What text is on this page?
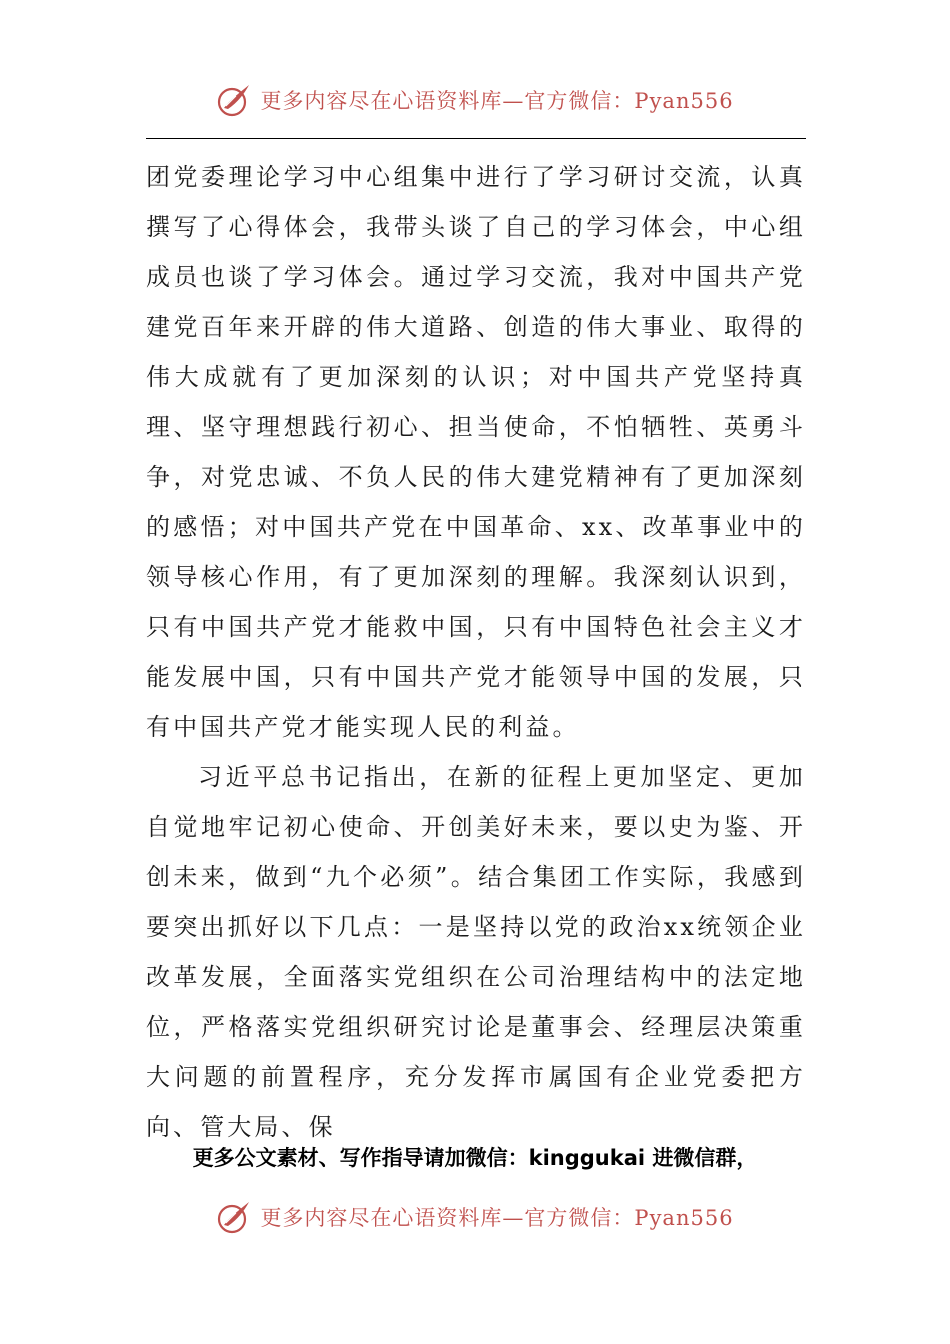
更多内容尽在心语资料库—官方微信：Pyan556

团党委理论学习中心组集中进行了学习研讨交流，认真撰写了心得体会，我带头谈了自己的学习体会，中心组成员也谈了学习体会。通过学习交流，我对中国共产党建党百年来开辟的伟大道路、创造的伟大事业、取得的伟大成就有了更加深刻的认识；对中国共产党坚持真理、坚守理想践行初心、担当使命，不怕牺牲、英勇斗争，对党忠诚、不负人民的伟大建党精神有了更加深刻的感悟；对中国共产党在中国革命、xx、改革事业中的领导核心作用，有了更加深刻的理解。我深刻认识到，只有中国共产党才能救中国，只有中国特色社会主义才能发展中国，只有中国共产党才能领导中国的发展，只有中国共产党才能实现人民的利益。

习近平总书记指出，在新的征程上更加坚定、更加自觉地牢记初心使命、开创美好未来，要以史为鉴、开创未来，做到“九个必须”。结合集团工作实际，我感到要突出抓好以下几点：一是坚持以党的政治xx统领企业改革发展，全面落实党组织在公司治理结构中的法定地位，严格落实党组织研究讨论是董事会、经理层决策重大问题的前置程序，充分发挥市属国有企业党委把方向、管大局、保

更多公文素材、写作指导请加微信：kinggukai 进微信群，
更多内容尽在心语资料库—官方微信：Pyan556
